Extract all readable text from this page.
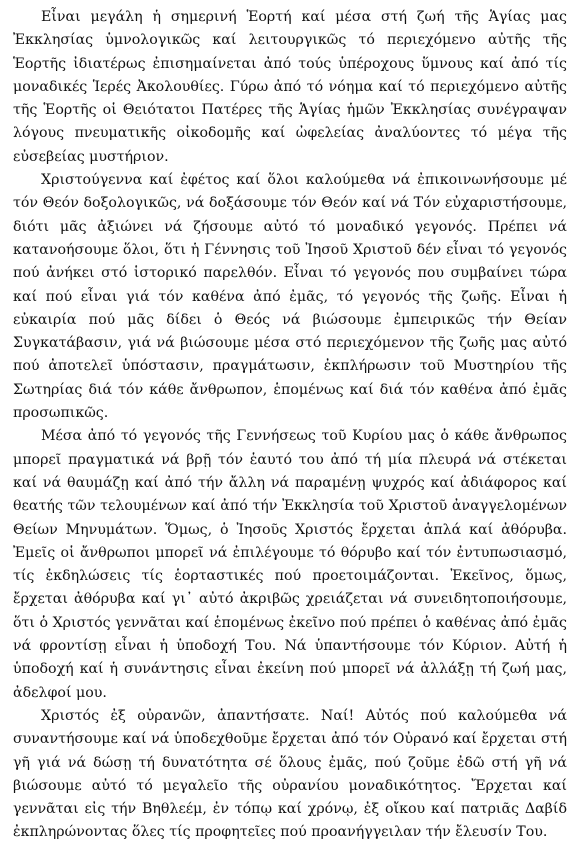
Εἶναι μεγάλη ἡ σημερινή Ἑορτή καί μέσα στή ζωή τῆς Ἁγίας μας Ἐκκλησίας ὑμνολογικῶς καί λειτουργικῶς τό περιεχόμενο αὐτῆς τῆς Ἑορτῆς ἰδιατέρως ἐπισημαίνεται ἀπό τούς ὑπέροχους ὕμνους καί ἀπό τίς μοναδικές Ἱερές Ἀκολουθίες. Γύρω ἀπό τό νόημα καί τό περιεχόμενο αὐτῆς τῆς Ἑορτῆς οἱ Θειότατοι Πατέρες τῆς Ἁγίας ἡμῶν Ἐκκλησίας συνέγραψαν λόγους πνευματικῆς οἰκοδομῆς καί ὠφελείας ἀναλύοντες τό μέγα τῆς εὐσεβείας μυστήριον.

Χριστούγεννα καί ἐφέτος καί ὅλοι καλούμεθα νά ἐπικοινωνήσουμε μέ τόν Θεόν δοξολογικῶς, νά δοξάσουμε τόν Θεόν καί νά Τόν εὐχαριστήσουμε, διότι μᾶς ἀξιώνει νά ζήσουμε αὐτό τό μοναδικό γεγονός. Πρέπει νά κατανοήσουμε ὅλοι, ὅτι ἡ Γέννησις τοῦ Ἰησοῦ Χριστοῦ δέν εἶναι τό γεγονός πού ἀνήκει στό ἱστορικό παρελθόν. Εἶναι τό γεγονός που συμβαίνει τώρα καί πού εἶναι γιά τόν καθένα ἀπό ἐμᾶς, τό γεγονός τῆς ζωῆς. Εἶναι ἡ εὐκαιρία πού μᾶς δίδει ὁ Θεός νά βιώσουμε ἐμπειρικῶς τήν Θείαν Συγκατάβασιν, γιά νά βιώσουμε μέσα στό περιεχόμενον τῆς ζωῆς μας αὐτό πού ἀποτελεῖ ὑπόστασιν, πραγμάτωσιν, ἐκπλήρωσιν τοῦ Μυστηρίου τῆς Σωτηρίας διά τόν κάθε ἄνθρωπον, ἑπομένως καί διά τόν καθένα ἀπό ἐμᾶς προσωπικῶς.

Μέσα ἀπό τό γεγονός τῆς Γεννήσεως τοῦ Κυρίου μας ὁ κάθε ἄνθρωπος μπορεῖ πραγματικά νά βρῇ τόν ἑαυτό του ἀπό τή μία πλευρά νά στέκεται καί νά θαυμάζῃ καί ἀπό τήν ἄλλη νά παραμένῃ ψυχρός καί ἀδιάφορος καί θεατής τῶν τελουμένων καί ἀπό τήν Ἐκκλησία τοῦ Χριστοῦ ἀναγγελομένων Θείων Μηνυμάτων. Ὅμως, ὁ Ἰησοῦς Χριστός ἔρχεται ἁπλά καί ἀθόρυβα. Ἐμεῖς οἱ ἄνθρωποι μπορεῖ νά ἐπιλέγουμε τό θόρυβο καί τόν ἐντυπωσιασμό, τίς ἐκδηλώσεις τίς ἑορταστικές πού προετοιμάζονται. Ἐκεῖνος, ὅμως, ἔρχεται ἀθόρυβα καί γι᾽ αὐτό ἀκριβῶς χρειάζεται νά συνειδητοποιήσουμε, ὅτι ὁ Χριστός γεννᾶται καί ἑπομένως ἐκεῖνο πού πρέπει ὁ καθένας ἀπό ἐμᾶς νά φροντίσῃ εἶναι ἡ ὑποδοχή Του. Νά ὑπαντήσουμε τόν Κύριον. Αὐτή ἡ ὑποδοχή καί ἡ συνάντησις εἶναι ἐκείνη πού μπορεῖ νά ἀλλάξῃ τή ζωή μας, ἀδελφοί μου.

Χριστός ἐξ οὐρανῶν, ἀπαντήσατε. Ναί! Αὐτός πού καλούμεθα νά συναντήσουμε καί νά ὑποδεχθοῦμε ἔρχεται ἀπό τόν Οὐρανό καί ἔρχεται στή γῆ γιά νά δώσῃ τή δυνατότητα σέ ὅλους ἐμᾶς, πού ζοῦμε ἐδῶ στή γῆ νά βιώσουμε αὐτό τό μεγαλεῖο τῆς οὐρανίου μοναδικότητος. Ἔρχεται καί γεννᾶται εἰς τήν Βηθλεέμ, ἐν τόπῳ καί χρόνῳ, ἐξ οἴκου καί πατριᾶς Δαβίδ ἐκπληρώνοντας ὅλες τίς προφητεῖες πού προανήγγειλαν τήν ἔλευσίν Του.
